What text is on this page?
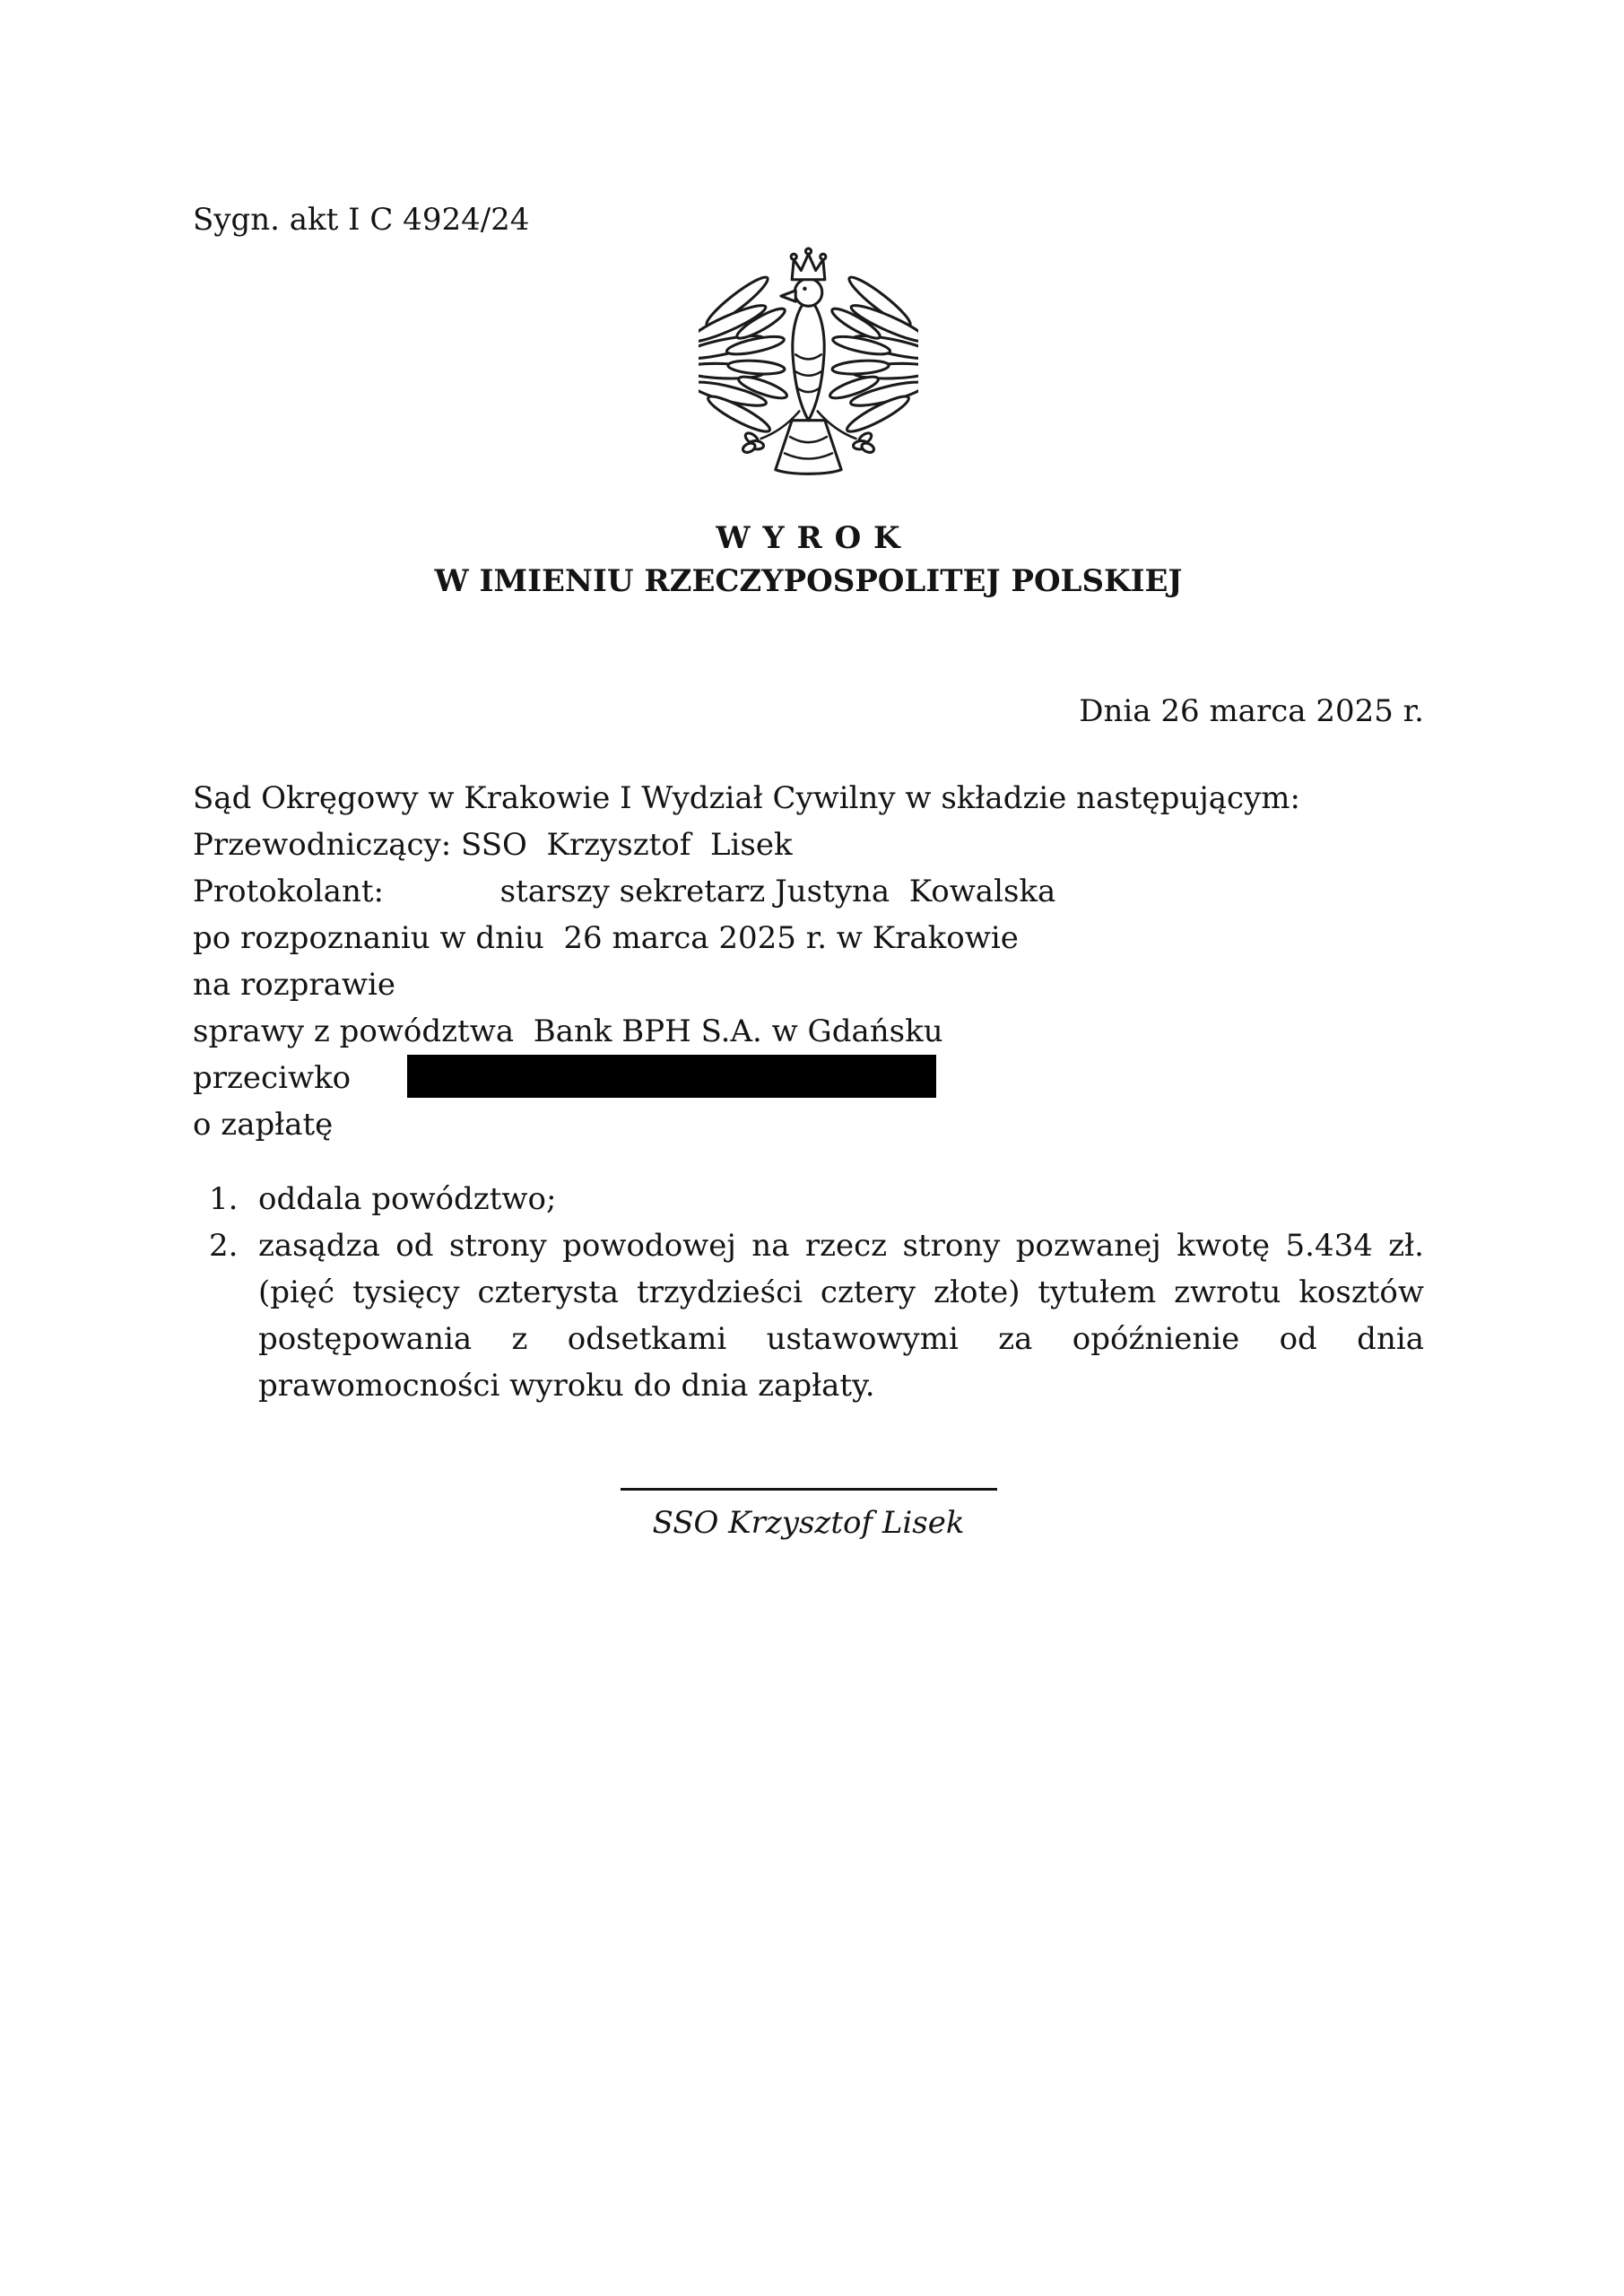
Sygn. akt I C 4924/24
W Y R O K
W IMIENIU RZECZYPOSPOLITEJ POLSKIEJ
Dnia 26 marca 2025 r.
Sąd Okręgowy w Krakowie I Wydział Cywilny w składzie następującym:
Przewodniczący: SSO  Krzysztof  Lisek
Protokolant:            starszy sekretarz Justyna  Kowalska
po rozpoznaniu w dniu  26 marca 2025 r. w Krakowie
na rozprawie
sprawy z powództwa  Bank BPH S.A. w Gdańsku
przeciwko
o zapłatę
1. oddala powództwo;
2. zasądza od strony powodowej na rzecz strony pozwanej kwotę 5.434 zł.
(pięć tysięcy czterysta trzydzieści cztery złote) tytułem zwrotu kosztów
postępowania z odsetkami ustawowymi za opóźnienie od dnia
prawomocności wyroku do dnia zapłaty.
SSO Krzysztof Lisek
